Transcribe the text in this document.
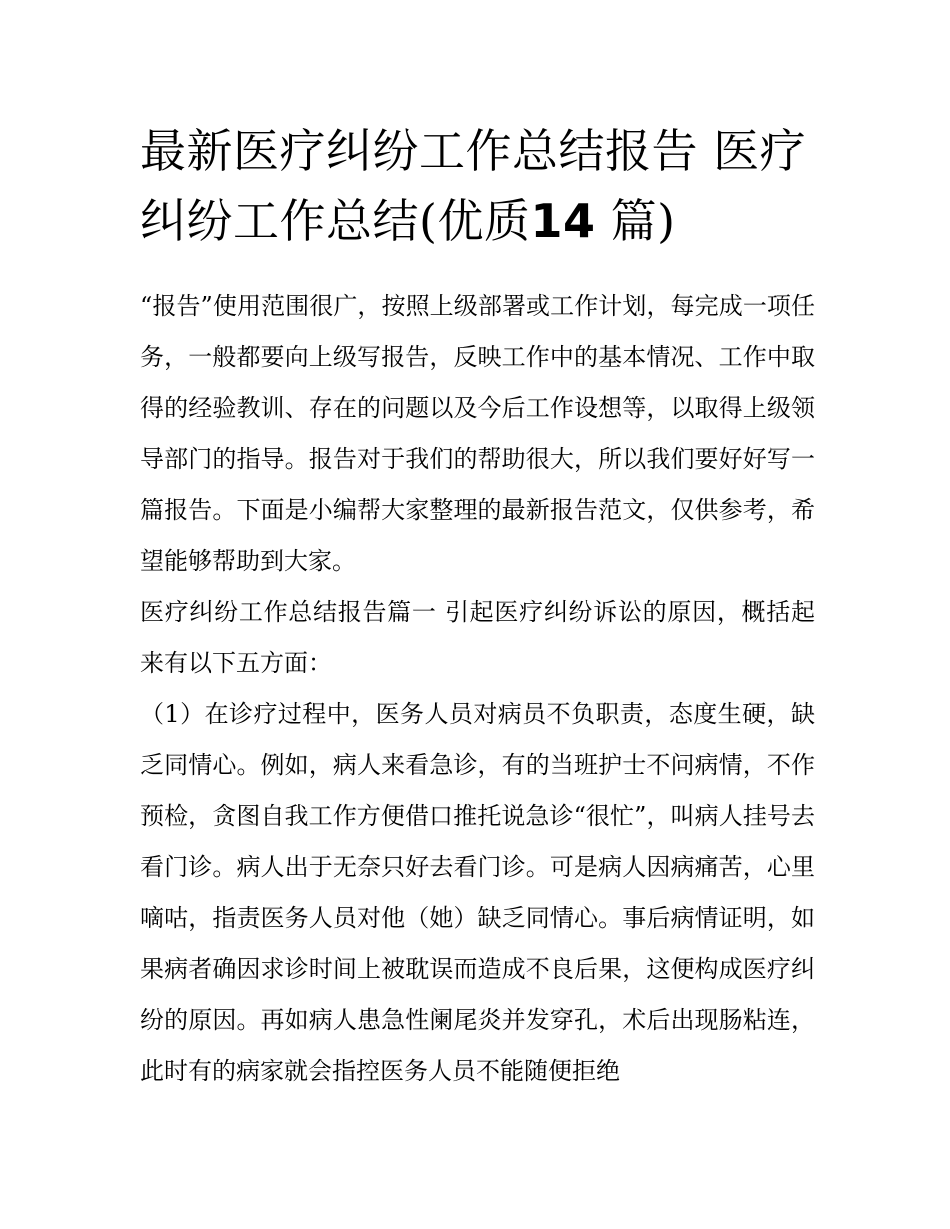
最新医疗纠纷工作总结报告 医疗纠纷工作总结(优质14 篇)

“报告”使用范围很广，按照上级部署或工作计划，每完成一项任务，一般都要向上级写报告，反映工作中的基本情况、工作中取得的经验教训、存在的问题以及今后工作设想等，以取得上级领导部门的指导。报告对于我们的帮助很大，所以我们要好好写一篇报告。下面是小编帮大家整理的最新报告范文，仅供参考，希望能够帮助到大家。

医疗纠纷工作总结报告篇一 引起医疗纠纷诉讼的原因，概括起来有以下五方面：

（1）在诊疗过程中，医务人员对病员不负职责，态度生硬，缺乏同情心。例如，病人来看急诊，有的当班护士不问病情，不作预检，贪图自我工作方便借口推托说急诊“很忙”，叫病人挂号去看门诊。病人出于无奈只好去看门诊。可是病人因病痛苦，心里嘀咕，指责医务人员对他（她）缺乏同情心。事后病情证明，如果病者确因求诊时间上被耽误而造成不良后果，这便构成医疗纠纷的原因。再如病人患急性阑尾炎并发穿孔，术后出现肠粘连，此时有的病家就会指控医务人员不能随便拒绝
